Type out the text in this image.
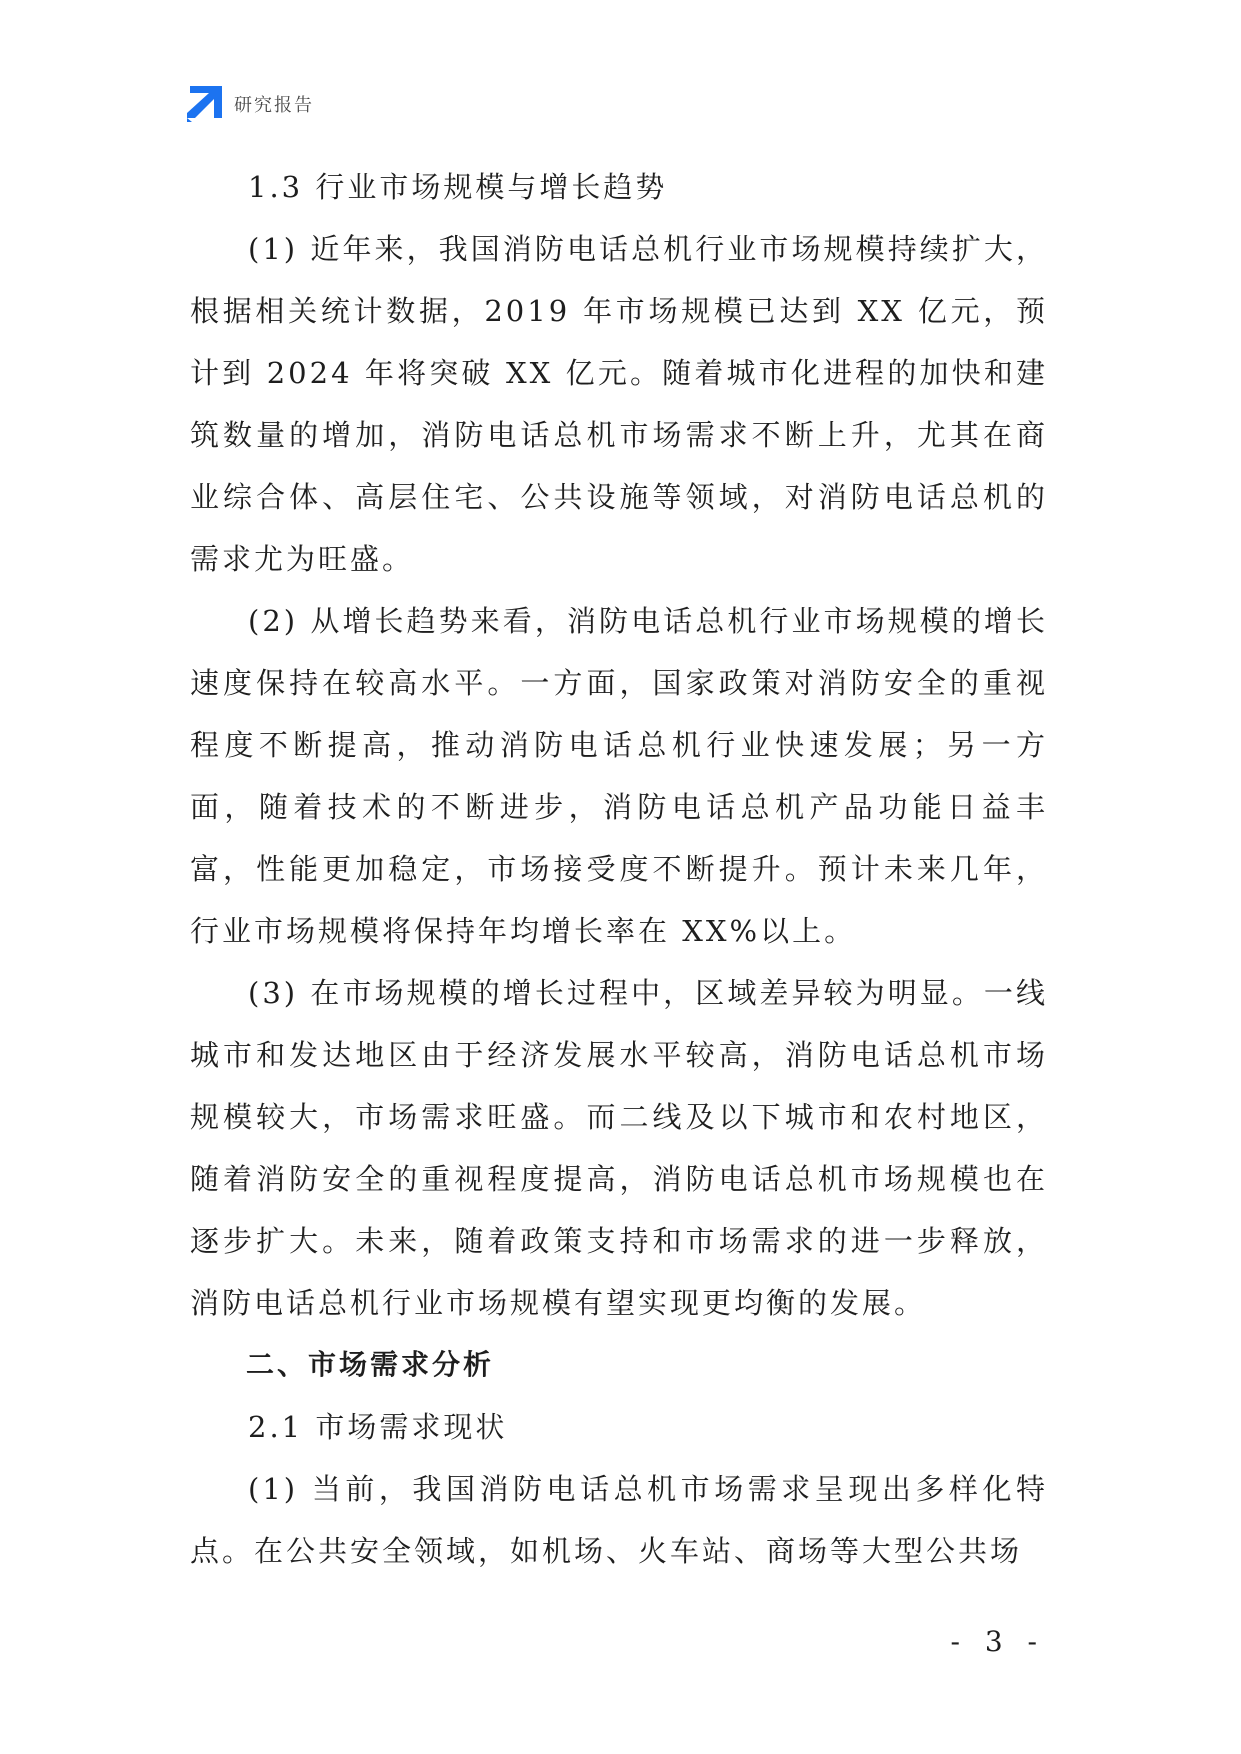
研究报告
1.3 行业市场规模与增长趋势

(1) 近年来，我国消防电话总机行业市场规模持续扩大，根据相关统计数据，2019 年市场规模已达到 XX 亿元，预计到 2024 年将突破 XX 亿元。随着城市化进程的加快和建筑数量的增加，消防电话总机市场需求不断上升，尤其在商业综合体、高层住宅、公共设施等领域，对消防电话总机的需求尤为旺盛。

(2) 从增长趋势来看，消防电话总机行业市场规模的增长速度保持在较高水平。一方面，国家政策对消防安全的重视程度不断提高，推动消防电话总机行业快速发展；另一方面，随着技术的不断进步，消防电话总机产品功能日益丰富，性能更加稳定，市场接受度不断提升。预计未来几年，行业市场规模将保持年均增长率在 XX%以上。

(3) 在市场规模的增长过程中，区域差异较为明显。一线城市和发达地区由于经济发展水平较高，消防电话总机市场规模较大，市场需求旺盛。而二线及以下城市和农村地区，随着消防安全的重视程度提高，消防电话总机市场规模也在逐步扩大。未来，随着政策支持和市场需求的进一步释放，消防电话总机行业市场规模有望实现更均衡的发展。

二、市场需求分析
2.1 市场需求现状

(1) 当前，我国消防电话总机市场需求呈现出多样化特点。在公共安全领域，如机场、火车站、商场等大型公共场

- 3 -
